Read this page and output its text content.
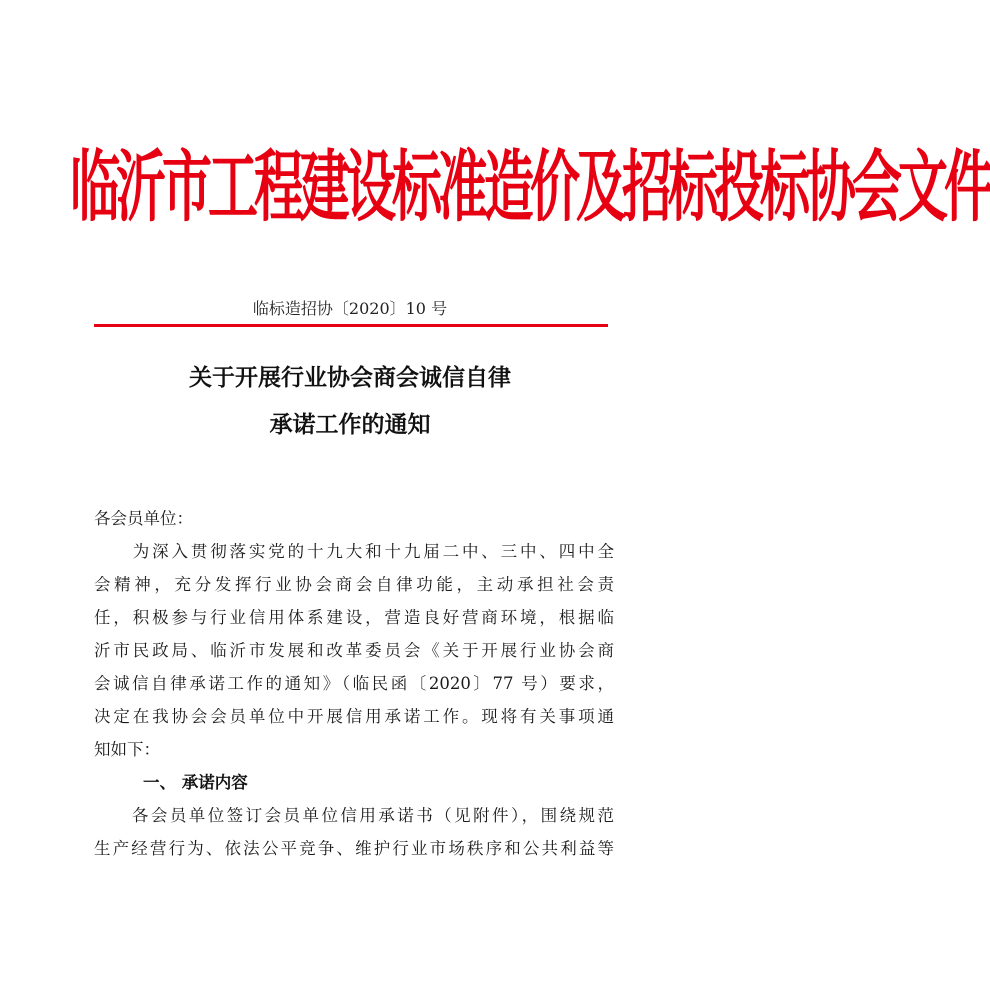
临沂市工程建设标准造价及招标投标协会文件
临标造招协〔2020〕10 号
关于开展行业协会商会诚信自律
承诺工作的通知
各会员单位：
　　为深入贯彻落实党的十九大和十九届二中、三中、四中全
会精神，充分发挥行业协会商会自律功能，主动承担社会责
任，积极参与行业信用体系建设，营造良好营商环境，根据临
沂市民政局、临沂市发展和改革委员会《关于开展行业协会商
会诚信自律承诺工作的通知》（临民函〔2020〕77 号）要求，
决定在我协会会员单位中开展信用承诺工作。现将有关事项通
知如下：
一、 承诺内容
　　各会员单位签订会员单位信用承诺书（见附件），围绕规范
生产经营行为、依法公平竞争、维护行业市场秩序和公共利益等
